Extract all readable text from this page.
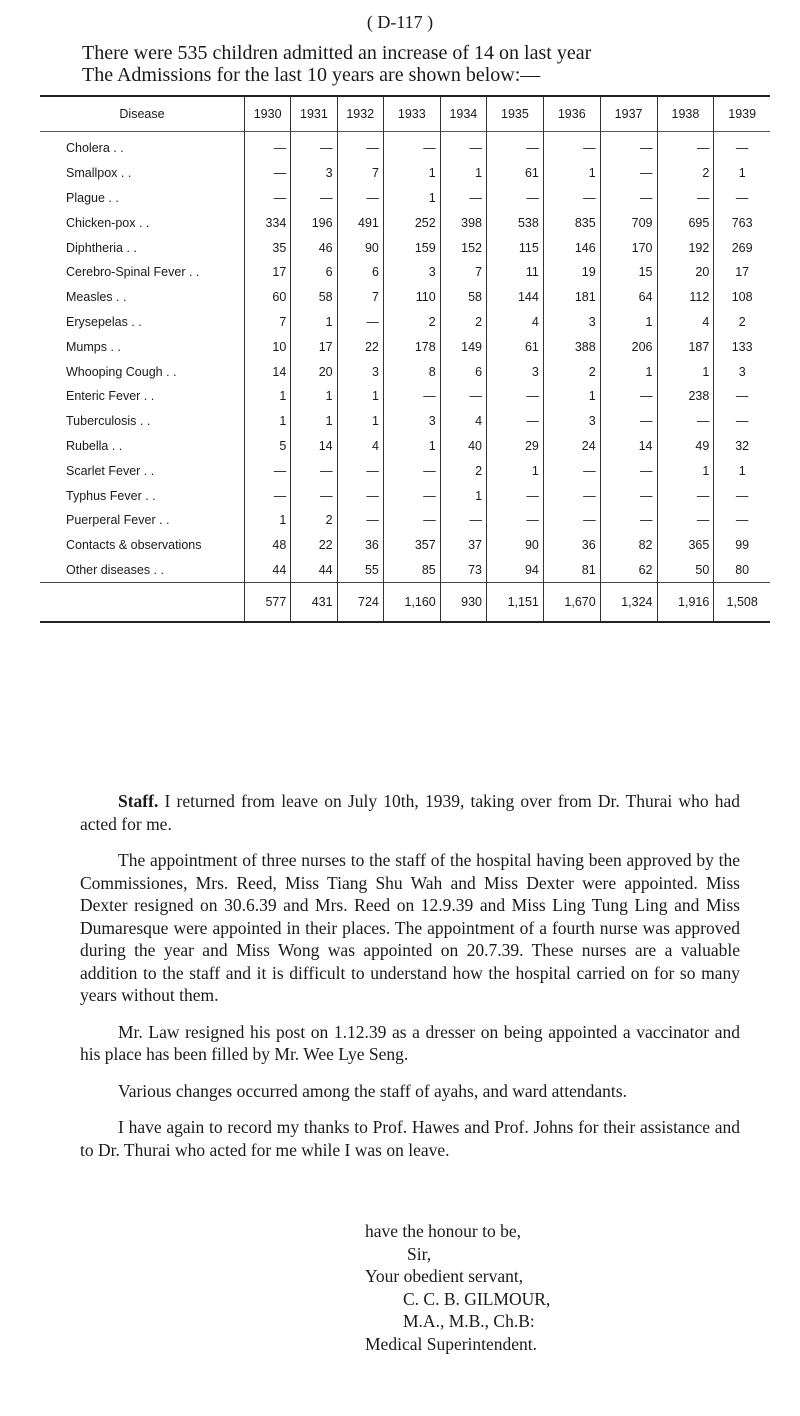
( D-117 )
There were 535 children admitted an increase of 14 on last year
The Admissions for the last 10 years are shown below:—
Disease	1930	1931	1932	1933	1934	1935	1936	1937	1938	1939
Cholera . .	—	—	—	—	—	—	—	—	—	—
Smallpox . .	—	3	7	1	1	61	1	—	2	1
Plague . .	—	—	—	1	—	—	—	—	—	—
Chicken-pox . .	334	196	491	252	398	538	835	709	695	763
Diphtheria . .	35	46	90	159	152	115	146	170	192	269
Cerebro-Spinal Fever . .	17	6	6	3	7	11	19	15	20	17
Measles . .	60	58	7	110	58	144	181	64	112	108
Erysepelas . .	7	1	—	2	2	4	3	1	4	2
Mumps . .	10	17	22	178	149	61	388	206	187	133
Whooping Cough . .	14	20	3	8	6	3	2	1	1	3
Enteric Fever . .	1	1	1	—	—	—	1	—	238	—
Tuberculosis . .	1	1	1	3	4	—	3	—	—	—
Rubella . .	5	14	4	1	40	29	24	14	49	32
Scarlet Fever . .	—	—	—	—	2	1	—	—	1	1
Typhus Fever . .	—	—	—	—	1	—	—	—	—	—
Puerperal Fever . .	1	2	—	—	—	—	—	—	—	—
Contacts & observations	48	22	36	357	37	90	36	82	365	99
Other diseases . .	44	44	55	85	73	94	81	62	50	80
	577	431	724	1,160	930	1,151	1,670	1,324	1,916	1,508

Staff. I returned from leave on July 10th, 1939, taking over from Dr. Thurai who had acted for me.

The appointment of three nurses to the staff of the hospital having been approved by the Commissiones, Mrs. Reed, Miss Tiang Shu Wah and Miss Dexter were appointed. Miss Dexter resigned on 30.6.39 and Mrs. Reed on 12.9.39 and Miss Ling Tung Ling and Miss Dumaresque were appointed in their places. The appointment of a fourth nurse was approved during the year and Miss Wong was appointed on 20.7.39. These nurses are a valuable addition to the staff and it is difficult to understand how the hospital carried on for so many years without them.

Mr. Law resigned his post on 1.12.39 as a dresser on being appointed a vaccinator and his place has been filled by Mr. Wee Lye Seng.

Various changes occurred among the staff of ayahs, and ward attendants.

I have again to record my thanks to Prof. Hawes and Prof. Johns for their assistance and to Dr. Thurai who acted for me while I was on leave.

have the honour to be,
Sir,
Your obedient servant,
C. C. B. GILMOUR,
M.A., M.B., Ch.B:
Medical Superintendent.
